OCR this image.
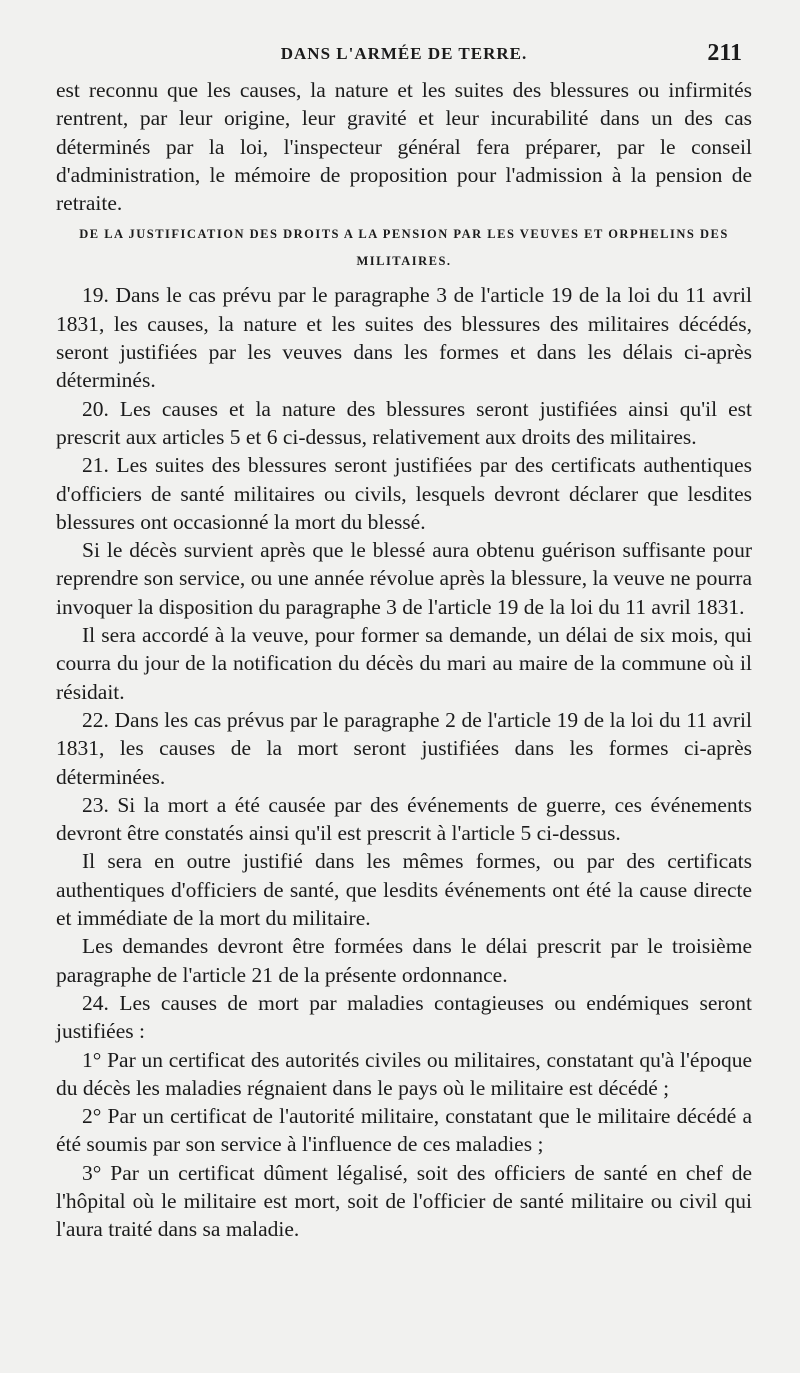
DANS L'ARMÉE DE TERRE.	211

est reconnu que les causes, la nature et les suites des blessures ou infirmités rentrent, par leur origine, leur gravité et leur incurabilité dans un des cas déterminés par la loi, l'inspecteur général fera préparer, par le conseil d'administration, le mémoire de proposition pour l'admission à la pension de retraite.

DE LA JUSTIFICATION DES DROITS A LA PENSION PAR LES VEUVES ET ORPHELINS DES MILITAIRES.

19. Dans le cas prévu par le paragraphe 3 de l'article 19 de la loi du 11 avril 1831, les causes, la nature et les suites des blessures des militaires décédés, seront justifiées par les veuves dans les formes et dans les délais ci-après déterminés.

20. Les causes et la nature des blessures seront justifiées ainsi qu'il est prescrit aux articles 5 et 6 ci-dessus, relativement aux droits des militaires.

21. Les suites des blessures seront justifiées par des certificats authentiques d'officiers de santé militaires ou civils, lesquels devront déclarer que lesdites blessures ont occasionné la mort du blessé.

Si le décès survient après que le blessé aura obtenu guérison suffisante pour reprendre son service, ou une année révolue après la blessure, la veuve ne pourra invoquer la disposition du paragraphe 3 de l'article 19 de la loi du 11 avril 1831.

Il sera accordé à la veuve, pour former sa demande, un délai de six mois, qui courra du jour de la notification du décès du mari au maire de la commune où il résidait.

22. Dans les cas prévus par le paragraphe 2 de l'article 19 de la loi du 11 avril 1831, les causes de la mort seront justifiées dans les formes ci-après déterminées.

23. Si la mort a été causée par des événements de guerre, ces événements devront être constatés ainsi qu'il est prescrit à l'article 5 ci-dessus.

Il sera en outre justifié dans les mêmes formes, ou par des certificats authentiques d'officiers de santé, que lesdits événements ont été la cause directe et immédiate de la mort du militaire.

Les demandes devront être formées dans le délai prescrit par le troisième paragraphe de l'article 21 de la présente ordonnance.

24. Les causes de mort par maladies contagieuses ou endémiques seront justifiées :

1° Par un certificat des autorités civiles ou militaires, constatant qu'à l'époque du décès les maladies régnaient dans le pays où le militaire est décédé ;

2° Par un certificat de l'autorité militaire, constatant que le militaire décédé a été soumis par son service à l'influence de ces maladies ;

3° Par un certificat dûment légalisé, soit des officiers de santé en chef de l'hôpital où le militaire est mort, soit de l'officier de santé militaire ou civil qui l'aura traité dans sa maladie.
